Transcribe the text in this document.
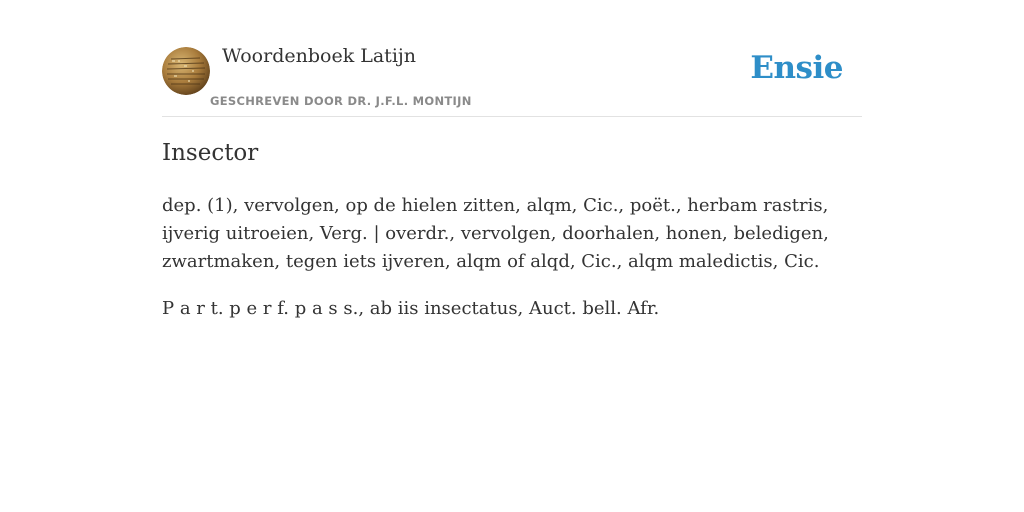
Woordenboek Latijn
GESCHREVEN DOOR DR. J.F.L. MONTIJN
Ensie
Insector

dep. (1), vervolgen, op de hielen zitten, alqm, Cic., poët., herbam rastris, ijverig uitroeien, Verg. | overdr., vervolgen, doorhalen, honen, beledigen, zwartmaken, tegen iets ijveren, alqm of alqd, Cic., alqm maledictis, Cic.

P a r t. p e r f. p a s s., ab iis insectatus, Auct. bell. Afr.
